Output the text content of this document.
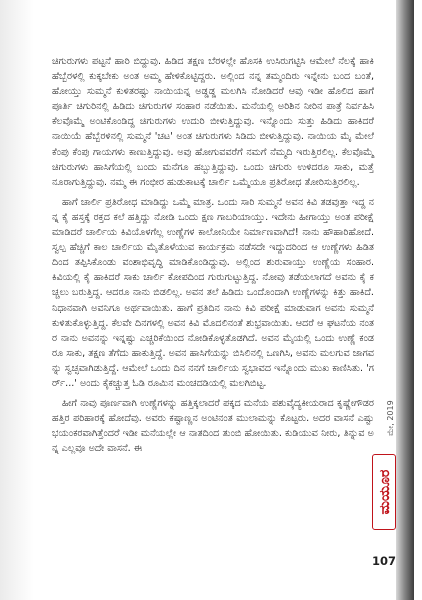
ಚಿಗುರುಗಳು ಪಟ್ಟನೆ ಹಾರಿ ಬಿದ್ದುವು. ಹಿಡಿದ ತಕ್ಷಣ ಬೆರಳಲ್ಲೇ ಹೊಸಕಿ ಉಸಿರುಗಟ್ಟಿಸಿ ಆಮೇಲೆ ನೆಲಕ್ಕೆ ಹಾಕಿ ಹೆಬ್ಬೆರಳಲ್ಲಿ ಕುಕ್ಕಬೇಕು ಅಂತ ಅಮ್ಮ ಹೇಳಿಕೊಟ್ಟಿದ್ದರು. ಅಲ್ಲಿಂದ ನನ್ನ ತಮ್ಮಂದಿರು ಇನ್ನೇನು ಬಂದ ಬಂತೆ, ಹೋಯ್ತು ಸುಮ್ಮನೆ ಕುಳಿತರಷ್ಟು ನಾಯಿಯನ್ನ ಅಡ್ಡಡ್ಡ ಮಲಗಿಸಿ ನೋಡಿದರೆ ಆವು ಇಡೀ ಹೊಲಿದ ಹಾಗೆ ಪೂರ್ತಿ ಚಿಗುರಿನಲ್ಲಿ ಹಿಡಿದು ಚಿಗುರುಗಳ ಸಂಹಾರ ನಡೆಯಿತು. ಮನೆಯಲ್ಲಿ ಅರಿಶಿನ ನೀರಿನ ಪಾತ್ರೆ ನಿರ್ವಹಿಸಿ ಕೆಲವೊಮ್ಮೆ ಅಂಟಿಕೊಂಡಿದ್ದ ಚಿಗುರುಗಳು ಉದುರಿ ಬೀಳುತ್ತಿದ್ದುವು. ಇನ್ನೊಂದು ಸುತ್ತು ಹಿಡಿದು ಹಾಕಿದರೆ ನಾಯಿಯೆ ಹೆಬ್ಬೆರಳಿನಲ್ಲಿ ಸುಮ್ಮನೆ 'ಚಟ' ಅಂತ ಚಿಗುರುಗಳು ಸಿಡಿದು ಬೀಳುತ್ತಿದ್ದುವು. ನಾಯಿಯ ಮೈ ಮೇಲೆ ಕೆಂಪು ಕೆಂಪು ಗಾಯಗಳು ಕಾಣುತ್ತಿದ್ದುವು. ಅವು ಹೋಗುವವರೆಗೆ ನಮಗೆ ನೆಮ್ಮದಿ ಇರುತ್ತಿರಲಿಲ್ಲ. ಕೆಲವೊಮ್ಮೆ ಚಿಗುರುಗಳು ಹಾಸಿಗೆಯಲ್ಲಿ ಬಂದು ಮನೆಗೂ ಹಬ್ಬುತ್ತಿದ್ದುವು. ಒಂದು ಚಿಗುರು ಉಳಿದರೂ ಸಾಕು, ಮತ್ತೆ ನೂರಾಗುತ್ತಿದ್ದುವು. ನಮ್ಮ ಈ ಗಂಭೀರ ಹುಡುಕಾಟಕ್ಕೆ ಚಾರ್ಲಿ ಒಮ್ಮೆಯೂ ಪ್ರತಿರೋಧ ತೋರಿಸುತ್ತಿರಲಿಲ್ಲ.

ಹಾಗೆ ಚಾರ್ಲಿ ಪ್ರತಿರೋಧ ಮಾಡಿದ್ದು ಒಮ್ಮೆ ಮಾತ್ರ. ಒಂದು ಸಾರಿ ಸುಮ್ಮನೆ ಅವನ ಕಿವಿ ತಡವುತ್ತಾ ಇದ್ದ ನನ್ನ ಕೈ ಹಸ್ತಕ್ಕೆ ರಕ್ತದ ಕಲೆ ಹತ್ತಿದ್ದು ನೋಡಿ ಒಂದು ಕ್ಷಣ ಗಾಬರಿಯಾಯ್ತು. ಇದೇನು ಹೀಗಾಯ್ತು ಅಂತ ಪರೀಕ್ಷೆ ಮಾಡಿದರೆ ಚಾರ್ಲಿಯ ಕಿವಿಯೊಳಗೆಲ್ಲ ಉಣ್ಣೆಗಳ ಕಾಲೋನಿಯೇ ನಿರ್ಮಾಣವಾಗಿದೆ! ನಾನು ಹೌಹಾರಿಹೋದೆ. ಸ್ವಲ್ಪ ಹೆಚ್ಚಿಗೆ ಕಾಲ ಚಾರ್ಲಿಯ ಮೈತೊಳೆಯುವ ಕಾರ್ಯಕ್ರಮ ನಡೆಸದೇ ಇದ್ದುದರಿಂದ ಆ ಉಣ್ಣೆಗಳು ಹಿಡಿತದಿಂದ ತಪ್ಪಿಸಿಕೊಂಡು ವಂಶಾಭಿವೃದ್ಧಿ ಮಾಡಿಕೊಂಡಿದ್ದುವು. ಅಲ್ಲಿಂದ ಶುರುವಾಯ್ತು ಉಣ್ಣೆಯ ಸಂಹಾರ. ಕಿವಿಯಲ್ಲಿ ಕೈ ಹಾಕಿದರೆ ಸಾಕು ಚಾರ್ಲಿ ಕೋಪದಿಂದ ಗುರುಗುಟ್ಟುತ್ತಿದ್ದ. ನೋವು ತಡೆಯಲಾಗದೆ ಅವನು ಕೈ ಕಚ್ಚಲು ಬರುತ್ತಿದ್ದ. ಆದರೂ ನಾನು ಬಿಡಲಿಲ್ಲ. ಅವನ ತಲೆ ಹಿಡಿದು ಒಂದೊಂದಾಗಿ ಉಣ್ಣೆಗಳನ್ನು ಕಿತ್ತು ಹಾಕಿದೆ. ನಿಧಾನವಾಗಿ ಅವನಿಗೂ ಅರ್ಥವಾಯಿತು. ಹಾಗೆ ಪ್ರತಿದಿನ ನಾನು ಕಿವಿ ಪರೀಕ್ಷೆ ಮಾಡುವಾಗ ಅವನು ಸುಮ್ಮನೆ ಕುಳಿತುಕೊಳ್ಳುತ್ತಿದ್ದ. ಕೆಲವೇ ದಿನಗಳಲ್ಲಿ ಅವನ ಕಿವಿ ಮೊದಲಿನಂತೆ ಶುಭ್ರವಾಯಿತು. ಆದರೆ ಆ ಘಟನೆಯ ನಂತರ ನಾನು ಅವನನ್ನು ಇನ್ನಷ್ಟು ಎಚ್ಚರಿಕೆಯಿಂದ ನೋಡಿಕೊಳ್ಳತೊಡಗಿದೆ. ಅವನ ಮೈಯಲ್ಲಿ ಒಂದು ಉಣ್ಣೆ ಕಂಡರೂ ಸಾಕು, ತಕ್ಷಣ ತೆಗೆದು ಹಾಕುತ್ತಿದ್ದೆ. ಅವನ ಹಾಸಿಗೆಯನ್ನು ಬಿಸಿಲಿನಲ್ಲಿ ಒಣಗಿಸಿ, ಅವನು ಮಲಗುವ ಜಾಗವನ್ನು ಸ್ವಚ್ಛವಾಗಿಡುತ್ತಿದ್ದೆ. ಆಮೇಲೆ ಒಂದು ದಿನ ನನಗೆ ಚಾರ್ಲಿಯ ಸ್ವಭಾವದ ಇನ್ನೊಂದು ಮುಖ ಕಾಣಿಸಿತು. 'ಗರ್ರ್...' ಅಂದು ಕೈಕಚ್ಚುತ್ತ ಓಡಿ ರೂಮಿನ ಮಂಚದಡಿಯಲ್ಲಿ ಮಲಗಿಬಿಟ್ಟ.

ಹೀಗೆ ನಾವು ಪೂರ್ಣವಾಗಿ ಉಣ್ಣೆಗಳನ್ನು ಹತ್ತಿಕ್ಕಲಾದರೆ ಪಕ್ಕದ ಮನೆಯ ಪಶುವೈದ್ಯಕೀಯರಾದ ಕೃಷ್ಣೇಗೌಡರ ಹತ್ತಿರ ಪರಿಹಾರಕ್ಕೆ ಹೋದೆವು. ಅವರು ಕಷ್ಟಾಣ್ಣನ ಅಂಟಿನಂತ ಮುಲಾಮನ್ನು ಕೊಟ್ಟರು. ಅದರ ವಾಸನೆ ಎಷ್ಟು ಭಯಂಕರವಾಗಿತ್ತೆಂದರೆ ಇಡೀ ಮನೆಯಲ್ಲೇ ಆ ನಾತದಿಂದ ತುಂಬಿ ಹೋಯಿತು. ಕುಡಿಯುವ ನೀರು, ತಿನ್ನುವ ಅನ್ನ ಎಲ್ಲವೂ ಅದೇ ವಾಸನೆ. ಈ

ಮಯೂರ
ಮೇ, 2019
107
